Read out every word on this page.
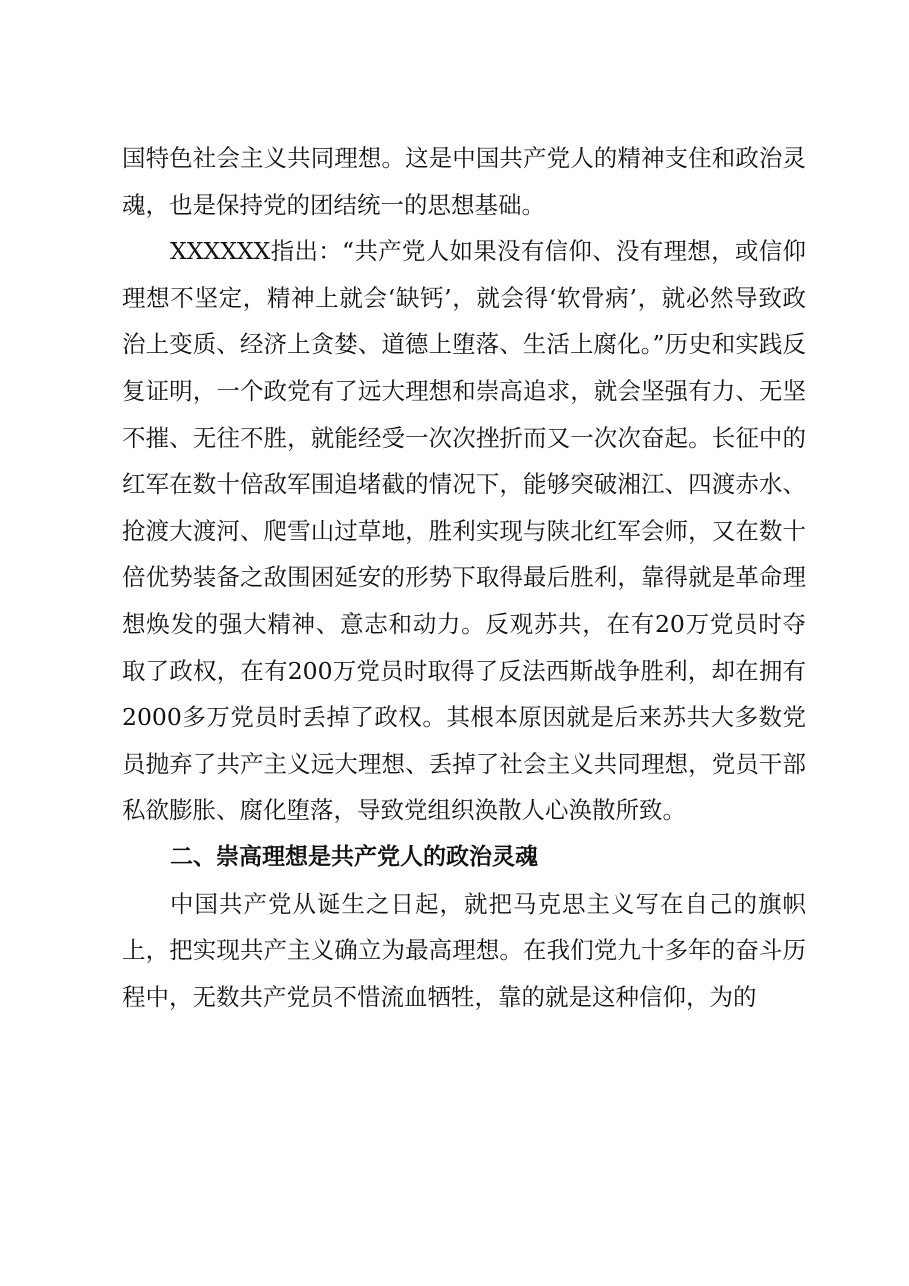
国特色社会主义共同理想。这是中国共产党人的精神支住和政治灵魂，也是保持党的团结统一的思想基础。

XXXXXX指出：“共产党人如果没有信仰、没有理想，或信仰理想不坚定，精神上就会‘缺钙’，就会得‘软骨病’，就必然导致政治上变质、经济上贪婪、道德上堕落、生活上腐化。”历史和实践反复证明，一个政党有了远大理想和崇高追求，就会坚强有力、无坚不摧、无往不胜，就能经受一次次挫折而又一次次奋起。长征中的红军在数十倍敌军围追堵截的情况下，能够突破湘江、四渡赤水、抢渡大渡河、爬雪山过草地，胜利实现与陕北红军会师，又在数十倍优势装备之敌围困延安的形势下取得最后胜利，靠得就是革命理想焕发的强大精神、意志和动力。反观苏共，在有20万党员时夺取了政权，在有200万党员时取得了反法西斯战争胜利，却在拥有2000多万党员时丢掉了政权。其根本原因就是后来苏共大多数党员抛弃了共产主义远大理想、丢掉了社会主义共同理想，党员干部私欲膨胀、腐化堕落，导致党组织涣散人心涣散所致。

二、崇高理想是共产党人的政治灵魂

中国共产党从诞生之日起，就把马克思主义写在自己的旗帜上，把实现共产主义确立为最高理想。在我们党九十多年的奋斗历程中，无数共产党员不惜流血牺牲，靠的就是这种信仰，为的
